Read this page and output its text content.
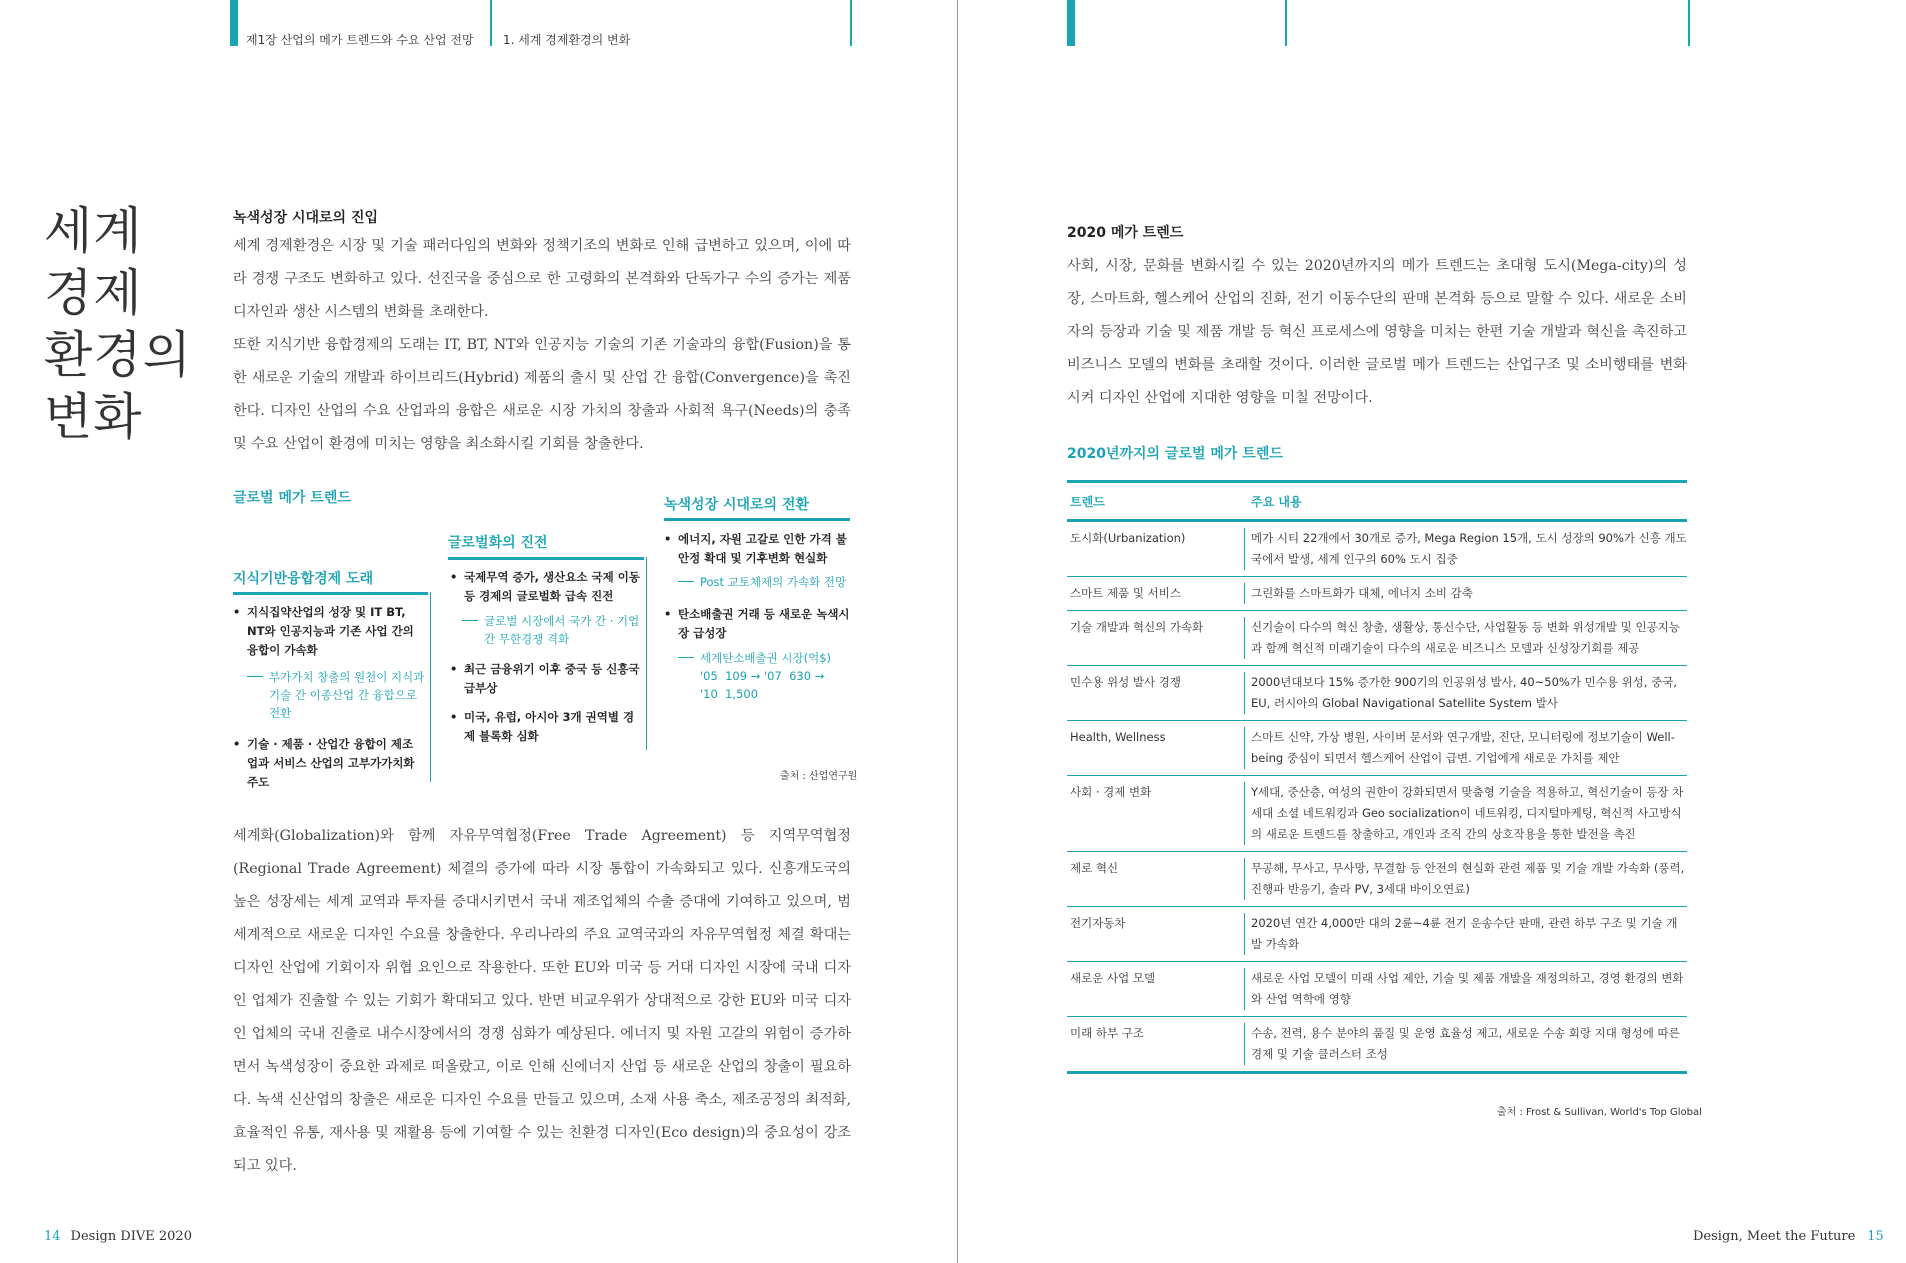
제1장 산업의 메가 트렌드와 수요 산업 전망 1. 세계 경제환경의 변화
세계
경제
환경의
변화
녹색성장 시대로의 진입

세계 경제환경은 시장 및 기술 패러다임의 변화와 정책기조의 변화로 인해 급변하고 있으며, 이에 따라 경쟁 구조도 변화하고 있다. 선진국을 중심으로 한 고령화의 본격화와 단독가구 수의 증가는 제품 디자인과 생산 시스템의 변화를 초래한다.

또한 지식기반 융합경제의 도래는 IT, BT, NT와 인공지능 기술의 기존 기술과의 융합(Fusion)을 통한 새로운 기술의 개발과 하이브리드(Hybrid) 제품의 출시 및 산업 간 융합(Convergence)을 촉진한다. 디자인 산업의 수요 산업과의 융합은 새로운 시장 가치의 창출과 사회적 욕구(Needs)의 충족 및 수요 산업이 환경에 미치는 영향을 최소화시킬 기회를 창출한다.

글로벌 메가 트렌드
지식기반융합경제 도래
• 지식집약산업의 성장 및 IT BT, NT와 인공지능과 기존 사업 간의 융합이 가속화
부가가치 창출의 원천이 지식과 기술 간 이종산업 간 융합으로 전환
• 기술 · 제품 · 산업간 융합이 제조업과 서비스 산업의 고부가가치화 주도
글로벌화의 진전
• 국제무역 증가, 생산요소 국제 이동 등 경제의 글로벌화 급속 진전
글로벌 시장에서 국가 간 · 기업 간 무한경쟁 격화
• 최근 금융위기 이후 중국 등 신흥국 급부상
• 미국, 유럽, 아시아 3개 권역별 경제 블록화 심화
녹색성장 시대로의 전환
• 에너지, 자원 고갈로 인한 가격 불안정 확대 및 기후변화 현실화
Post 교토체제의 가속화 전망
• 탄소배출권 거래 등 새로운 녹색시장 급성장
세계탄소배출권 시장(억$)
'05  109 → '07  630 →
'10  1,500
출처 : 산업연구원

세계화(Globalization)와 함께 자유무역협정(Free Trade Agreement) 등 지역무역협정(Regional Trade Agreement) 체결의 증가에 따라 시장 통합이 가속화되고 있다. 신흥개도국의 높은 성장세는 세계 교역과 투자를 증대시키면서 국내 제조업체의 수출 증대에 기여하고 있으며, 범세계적으로 새로운 디자인 수요를 창출한다. 우리나라의 주요 교역국과의 자유무역협정 체결 확대는 디자인 산업에 기회이자 위협 요인으로 작용한다. 또한 EU와 미국 등 거대 디자인 시장에 국내 디자인 업체가 진출할 수 있는 기회가 확대되고 있다. 반면 비교우위가 상대적으로 강한 EU와 미국 디자인 업체의 국내 진출로 내수시장에서의 경쟁 심화가 예상된다. 에너지 및 자원 고갈의 위험이 증가하면서 녹색성장이 중요한 과제로 떠올랐고, 이로 인해 신에너지 산업 등 새로운 산업의 창출이 필요하다. 녹색 신산업의 창출은 새로운 디자인 수요를 만들고 있으며, 소재 사용 축소, 제조공정의 최적화, 효율적인 유통, 재사용 및 재활용 등에 기여할 수 있는 친환경 디자인(Eco design)의 중요성이 강조되고 있다.

14 Design DIVE 2020
2020 메가 트렌드

사회, 시장, 문화를 변화시킬 수 있는 2020년까지의 메가 트렌드는 초대형 도시(Mega-city)의 성장, 스마트화, 헬스케어 산업의 진화, 전기 이동수단의 판매 본격화 등으로 말할 수 있다. 새로운 소비자의 등장과 기술 및 제품 개발 등 혁신 프로세스에 영향을 미치는 한편 기술 개발과 혁신을 촉진하고 비즈니스 모델의 변화를 초래할 것이다. 이러한 글로벌 메가 트렌드는 산업구조 및 소비행태를 변화시켜 디자인 산업에 지대한 영향을 미칠 전망이다.

2020년까지의 글로벌 메가 트렌드
트렌드	주요 내용
도시화(Urbanization)	메가 시티 22개에서 30개로 증가, Mega Region 15개, 도시 성장의 90%가 신흥 개도국에서 발생, 세계 인구의 60% 도시 집중
스마트 제품 및 서비스	그린화를 스마트화가 대체, 에너지 소비 감축
기술 개발과 혁신의 가속화	신기술이 다수의 혁신 창출, 생활상, 통신수단, 사업활동 등 변화 위성개발 및 인공지능과 함께 혁신적 미래기술이 다수의 새로운 비즈니스 모델과 신성장기회를 제공
민수용 위성 발사 경쟁	2000년대보다 15% 증가한 900기의 인공위성 발사, 40~50%가 민수용 위성, 중국, EU, 러시아의 Global Navigational Satellite System 발사
Health, Wellness	스마트 신약, 가상 병원, 사이버 문서와 연구개발, 진단, 모니터링에 정보기술이 Well-being 중심이 되면서 헬스케어 산업이 급변. 기업에게 새로운 가치를 제안
사회 · 경제 변화	Y세대, 중산층, 여성의 권한이 강화되면서 맞춤형 기술을 적용하고, 혁신기술이 등장 차세대 소셜 네트워킹과 Geo socialization이 네트워킹, 디지털마케팅, 혁신적 사고방식의 새로운 트렌드를 창출하고, 개인과 조직 간의 상호작용을 통한 발전을 촉진
제로 혁신	무공해, 무사고, 무사망, 무결함 등 안전의 현실화 관련 제품 및 기술 개발 가속화 (풍력, 진행파 반응기, 솔라 PV, 3세대 바이오연료)
전기자동차	2020년 연간 4,000만 대의 2륜~4륜 전기 운송수단 판매, 관련 하부 구조 및 기술 개발 가속화
새로운 사업 모델	새로운 사업 모델이 미래 사업 제안, 기술 및 제품 개발을 재정의하고, 경영 환경의 변화와 산업 역학에 영향
미래 하부 구조	수송, 전력, 용수 분야의 품질 및 운영 효율성 제고, 새로운 수송 회랑 지대 형성에 따른 경제 및 기술 클러스터 조성
출처 : Frost & Sullivan, World's Top Global
Design, Meet the Future 15
